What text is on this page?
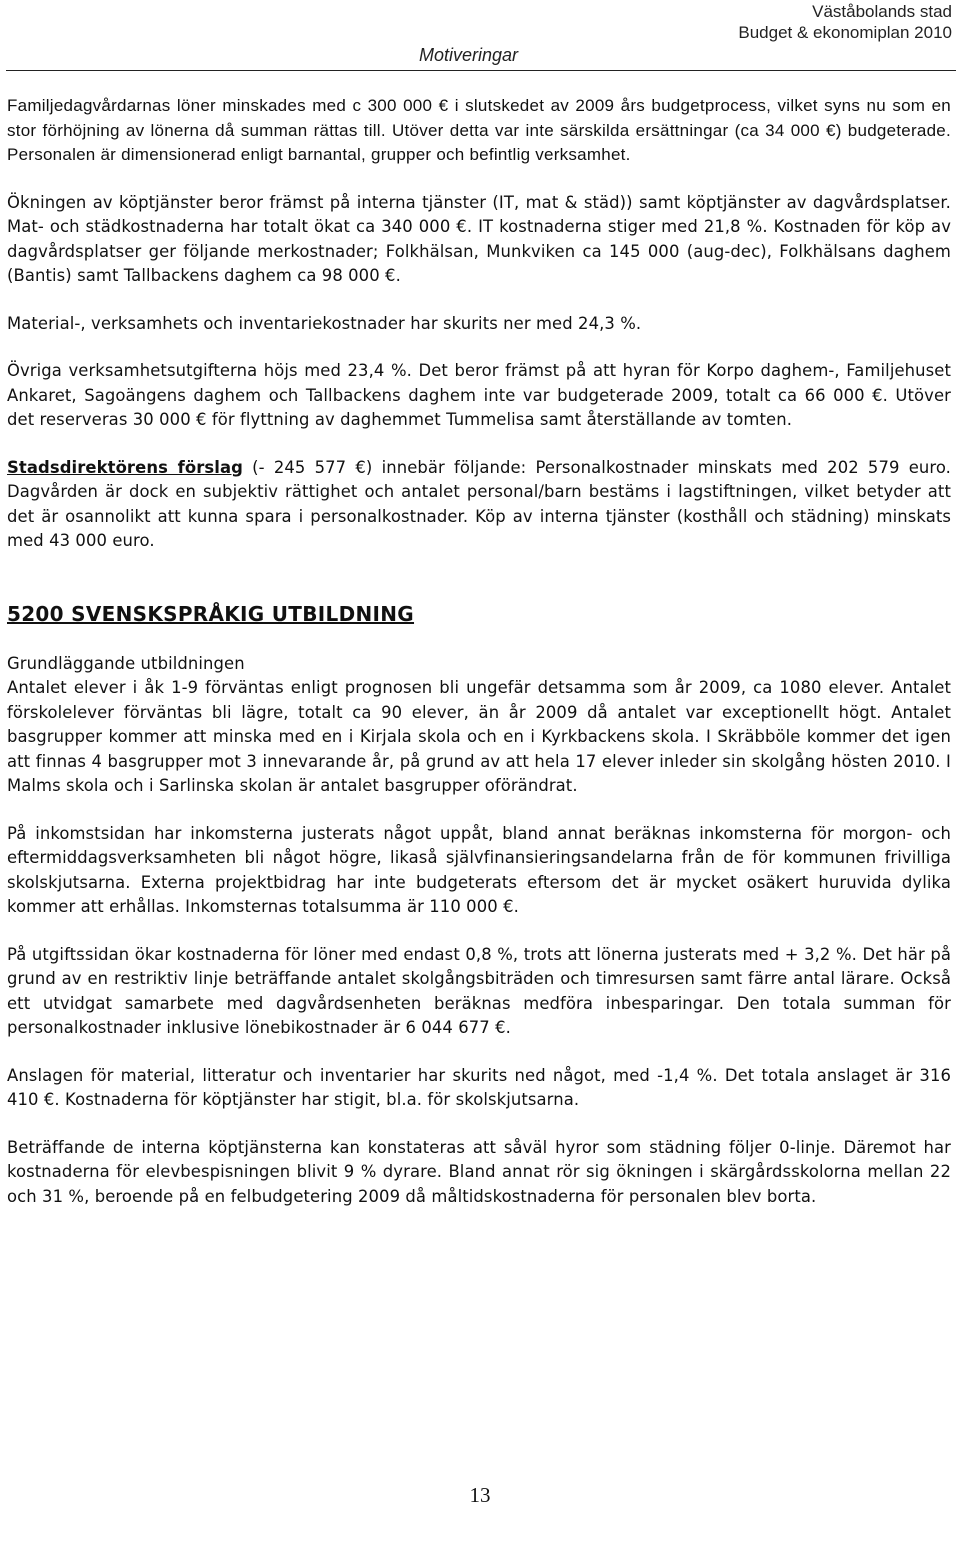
Väståbolands stad
Budget & ekonomiplan 2010
Motiveringar

Familjedagvårdarnas löner minskades med c 300 000 € i slutskedet av 2009 års budgetprocess, vilket syns nu som en stor förhöjning av lönerna då summan rättas till. Utöver detta var inte särskilda ersättningar (ca 34 000 €) budgeterade. Personalen är dimensionerad enligt barnantal, grupper och befintlig verksamhet.

Ökningen av köptjänster beror främst på interna tjänster (IT, mat & städ)) samt köptjänster av dagvårdsplatser. Mat- och städkostnaderna har totalt ökat ca 340 000 €. IT kostnaderna stiger med 21,8 %. Kostnaden för köp av dagvårdsplatser ger följande merkostnader; Folkhälsan, Munkviken ca 145 000 (aug-dec), Folkhälsans daghem (Bantis) samt Tallbackens daghem ca 98 000 €.

Material-, verksamhets och inventariekostnader har skurits ner med 24,3 %.

Övriga verksamhetsutgifterna höjs med 23,4 %. Det beror främst på att hyran för Korpo daghem-, Familjehuset Ankaret, Sagoängens daghem och Tallbackens daghem inte var budgeterade 2009, totalt ca 66 000 €. Utöver det reserveras 30 000 € för flyttning av daghemmet Tummelisa samt återställande av tomten.

Stadsdirektörens förslag (- 245 577 €) innebär följande: Personalkostnader minskats med 202 579 euro. Dagvården är dock en subjektiv rättighet och antalet personal/barn bestäms i lagstiftningen, vilket betyder att det är osannolikt att kunna spara i personalkostnader. Köp av interna tjänster (kosthåll och städning) minskats med 43 000 euro.

5200 SVENSKSPRÅKIG UTBILDNING

Grundläggande utbildningen
Antalet elever i åk 1-9 förväntas enligt prognosen bli ungefär detsamma som år 2009, ca 1080 elever. Antalet förskolelever förväntas bli lägre, totalt ca 90 elever, än år 2009 då antalet var exceptionellt högt. Antalet basgrupper kommer att minska med en i Kirjala skola och en i Kyrkbackens skola. I Skräbböle kommer det igen att finnas 4 basgrupper mot 3 innevarande år, på grund av att hela 17 elever inleder sin skolgång hösten 2010. I Malms skola och i Sarlinska skolan är antalet basgrupper oförändrat.

På inkomstsidan har inkomsterna justerats något uppåt, bland annat beräknas inkomsterna för morgon- och eftermiddagsverksamheten bli något högre, likaså självfinansieringsandelarna från de för kommunen frivilliga skolskjutsarna. Externa projektbidrag har inte budgeterats eftersom det är mycket osäkert huruvida dylika kommer att erhållas. Inkomsternas totalsumma är 110 000 €.

På utgiftssidan ökar kostnaderna för löner med endast 0,8 %, trots att lönerna justerats med + 3,2 %. Det här på grund av en restriktiv linje beträffande antalet skolgångsbiträden och timresursen samt färre antal lärare. Också ett utvidgat samarbete med dagvårdsenheten beräknas medföra inbesparingar. Den totala summan för personalkostnader inklusive lönebikostnader är 6 044 677 €.

Anslagen för material, litteratur och inventarier har skurits ned något, med -1,4 %. Det totala anslaget är 316 410 €. Kostnaderna för köptjänster har stigit, bl.a. för skolskjutsarna.

Beträffande de interna köptjänsterna kan konstateras att såväl hyror som städning följer 0-linje. Däremot har kostnaderna för elevbespisningen blivit 9 % dyrare. Bland annat rör sig ökningen i skärgårdsskolorna mellan 22 och 31 %, beroende på en felbudgetering 2009 då måltidskostnaderna för personalen blev borta.

13
